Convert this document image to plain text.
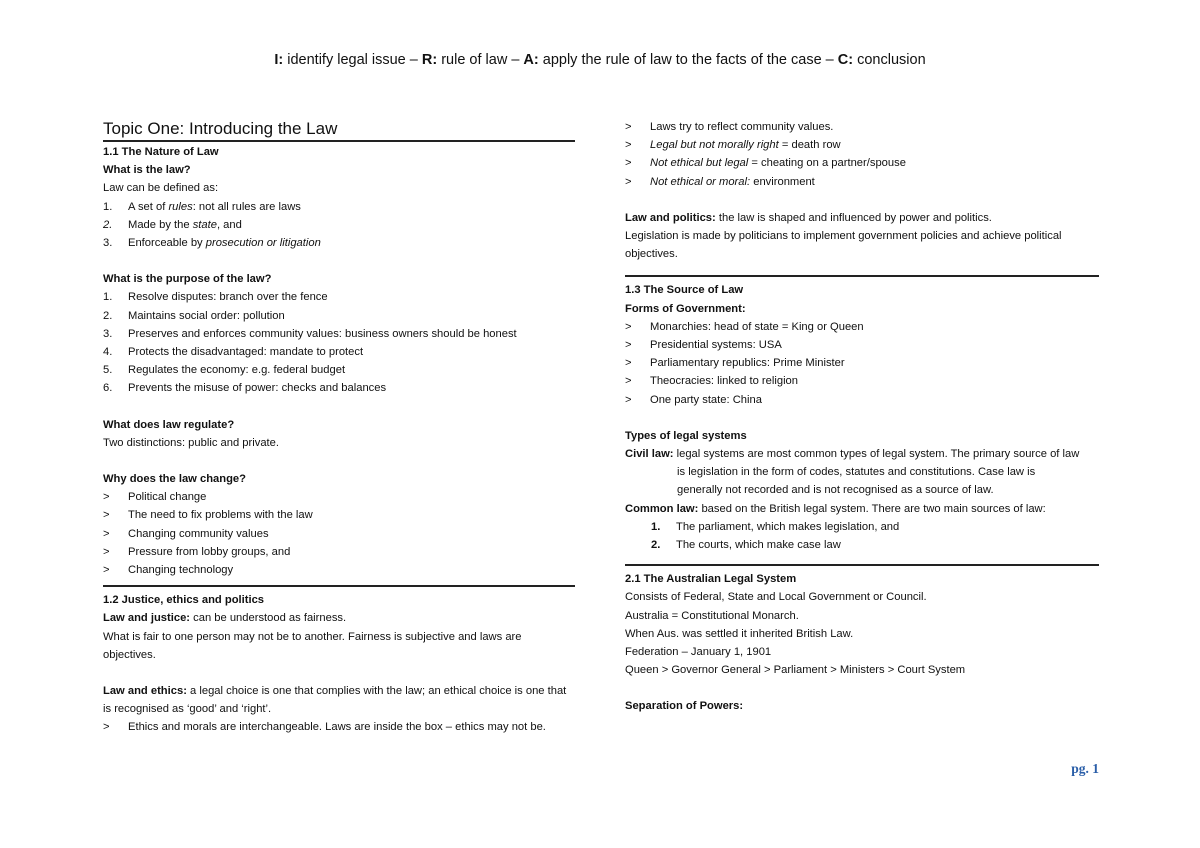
I: identify legal issue – R: rule of law – A: apply the rule of law to the facts of the case – C: conclusion
Topic One: Introducing the Law
1.1 The Nature of Law
What is the law?
Law can be defined as:
1.	A set of rules: not all rules are laws
2.	Made by the state, and
3.	Enforceable by prosecution or litigation
What is the purpose of the law?
1.	Resolve disputes: branch over the fence
2.	Maintains social order: pollution
3.	Preserves and enforces community values: business owners should be honest
4.	Protects the disadvantaged: mandate to protect
5.	Regulates the economy: e.g. federal budget
6.	Prevents the misuse of power: checks and balances
What does law regulate?
Two distinctions: public and private.
Why does the law change?
>	Political change
>	The need to fix problems with the law
>	Changing community values
>	Pressure from lobby groups, and
>	Changing technology
1.2 Justice, ethics and politics
Law and justice: can be understood as fairness.
What is fair to one person may not be to another. Fairness is subjective and laws are objectives.
Law and ethics: a legal choice is one that complies with the law; an ethical choice is one that is recognised as ‘good’ and ‘right’.
>	Ethics and morals are interchangeable. Laws are inside the box – ethics may not be.
>	Laws try to reflect community values.
>	Legal but not morally right = death row
>	Not ethical but legal = cheating on a partner/spouse
>	Not ethical or moral: environment
Law and politics: the law is shaped and influenced by power and politics.
Legislation is made by politicians to implement government policies and achieve political objectives.
1.3 The Source of Law
Forms of Government:
>	Monarchies: head of state = King or Queen
>	Presidential systems: USA
>	Parliamentary republics: Prime Minister
>	Theocracies: linked to religion
>	One party state: China
Types of legal systems
Civil law: legal systems are most common types of legal system. The primary source of law
is legislation in the form of codes, statutes and constitutions. Case law is
generally not recorded and is not recognised as a source of law.
Common law: based on the British legal system. There are two main sources of law:
1.	The parliament, which makes legislation, and
2.	The courts, which make case law
2.1 The Australian Legal System
Consists of Federal, State and Local Government or Council.
Australia = Constitutional Monarch.
When Aus. was settled it inherited British Law.
Federation – January 1, 1901
Queen > Governor General > Parliament > Ministers > Court System
Separation of Powers:
pg. 1
